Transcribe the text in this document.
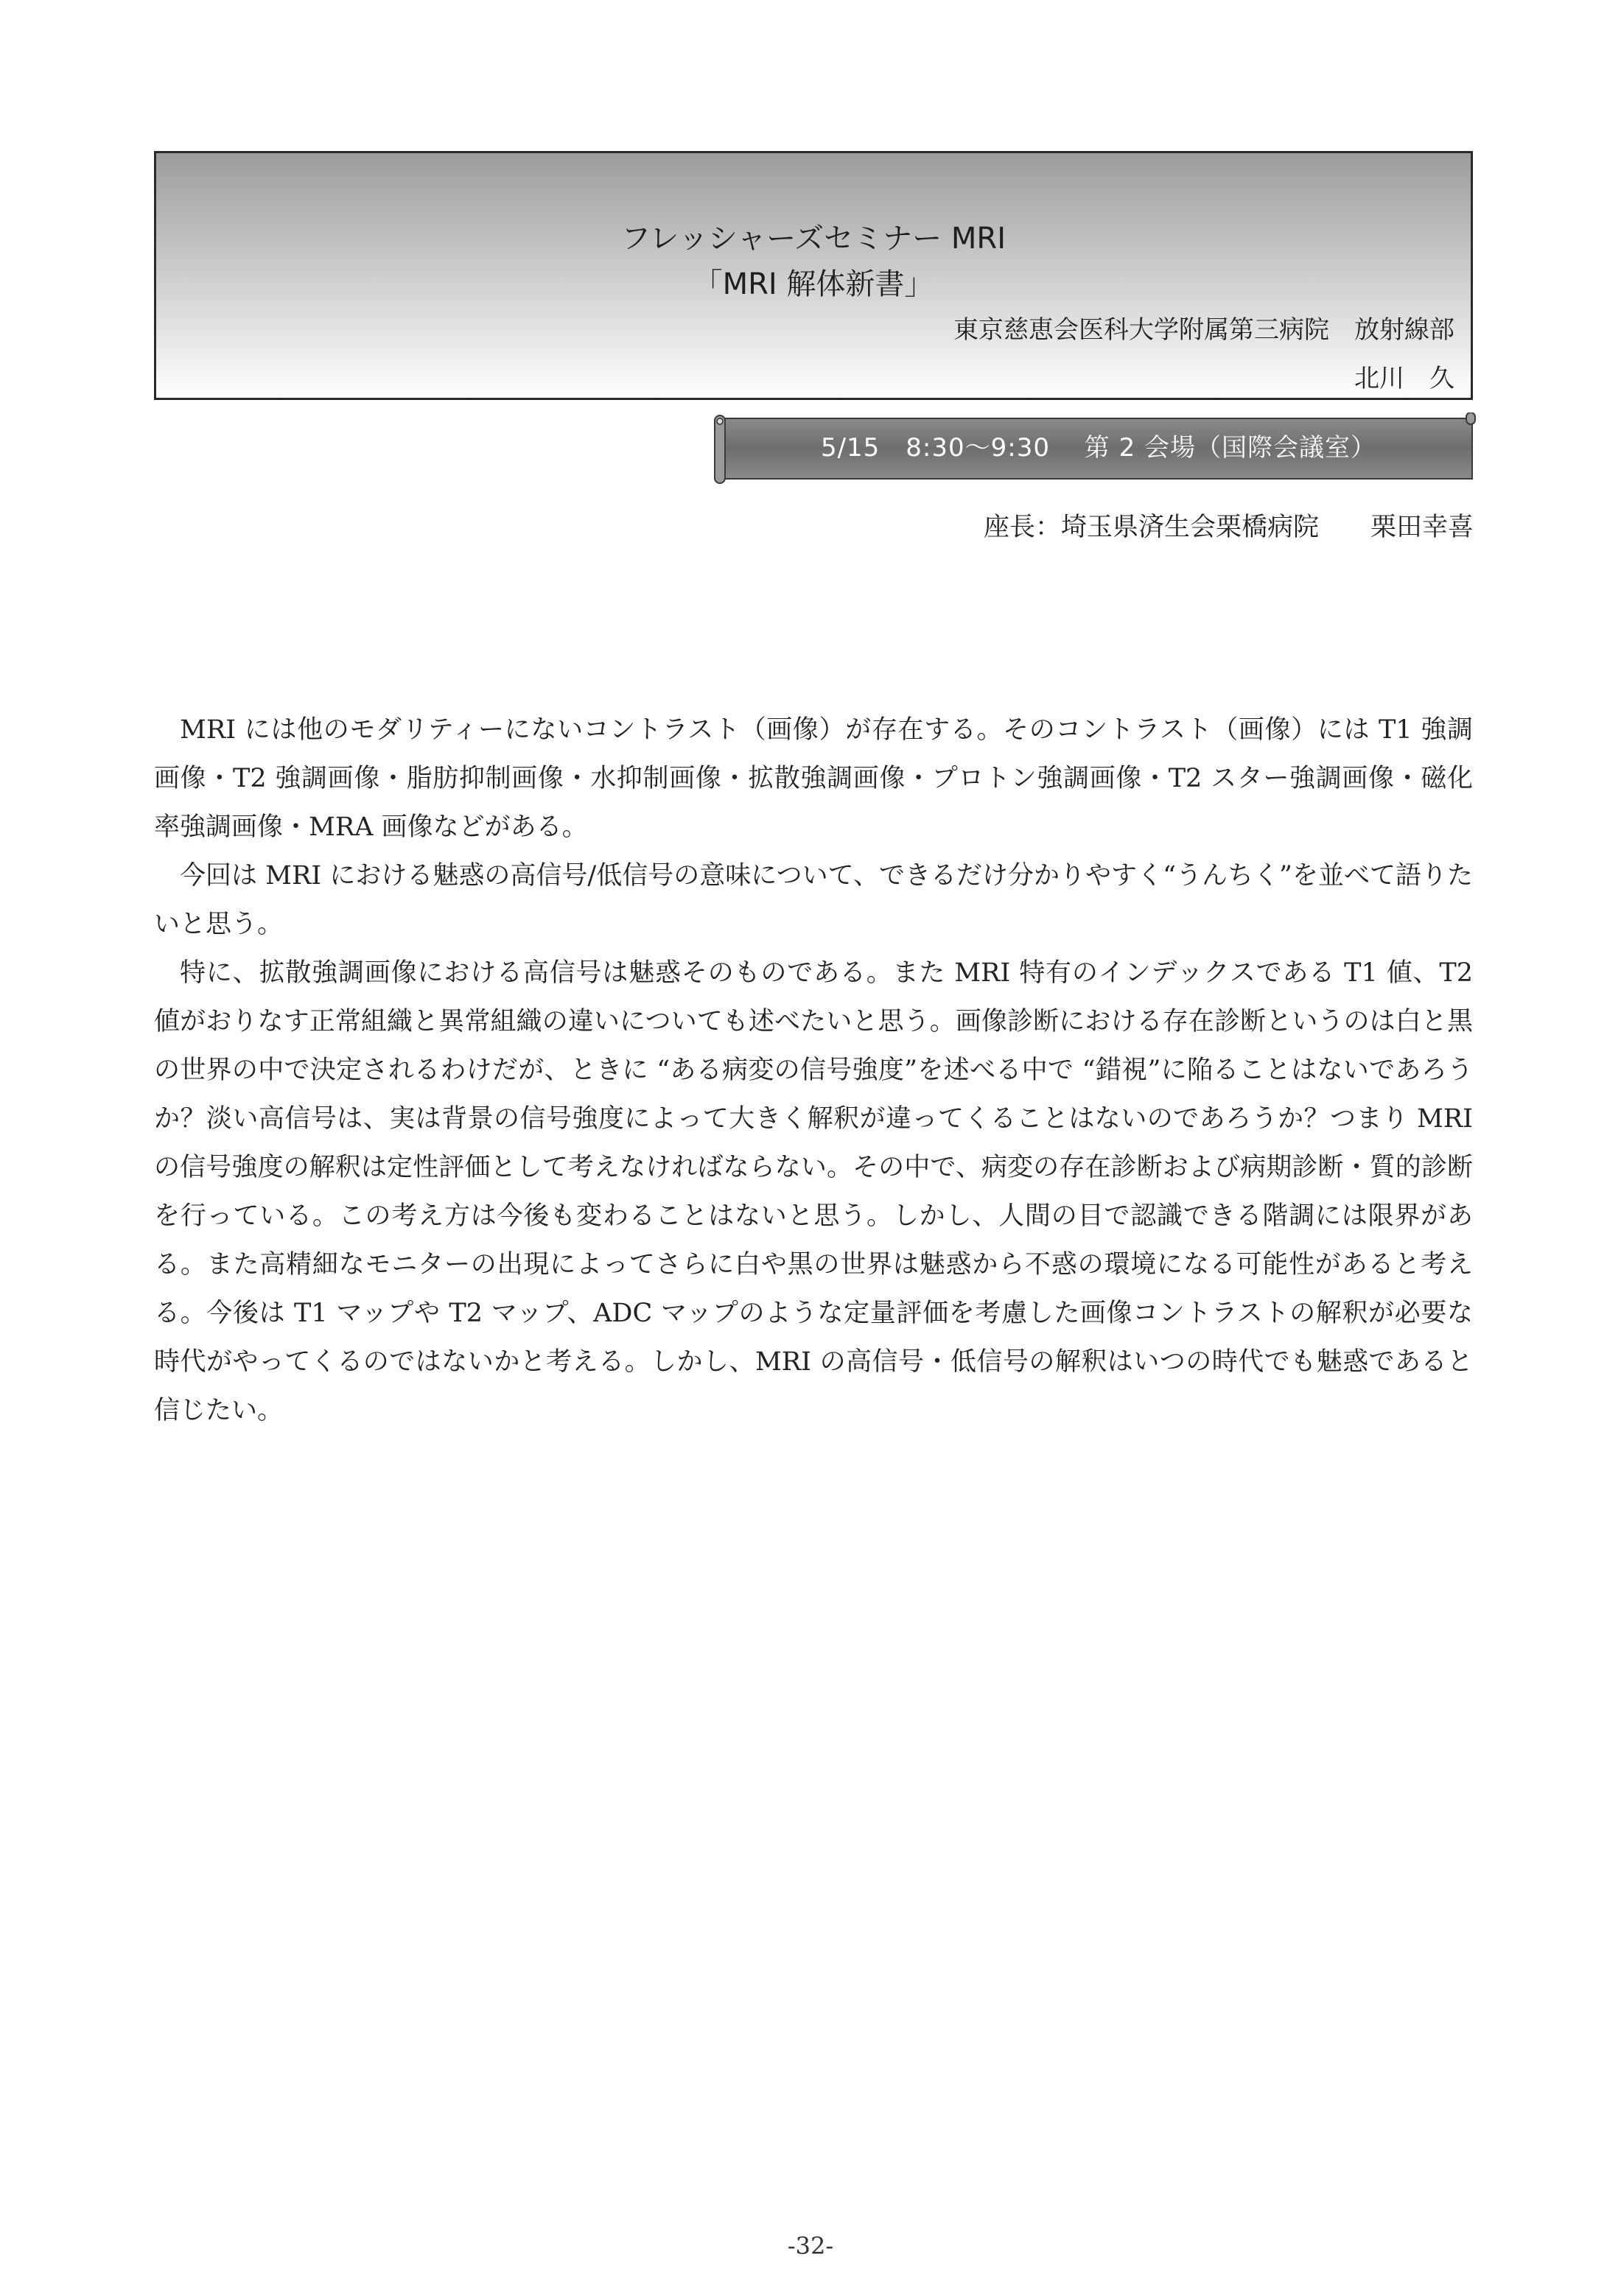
フレッシャーズセミナー MRI
「MRI 解体新書」
東京慈恵会医科大学附属第三病院　放射線部
北川　久
5/15　8:30〜9:30　 第 2 会場（国際会議室）
座長：埼玉県済生会栗橋病院　　栗田幸喜

MRI には他のモダリティーにないコントラスト（画像）が存在する。そのコントラスト（画像）には T1 強調画像・T2 強調画像・脂肪抑制画像・水抑制画像・拡散強調画像・プロトン強調画像・T2 スター強調画像・磁化率強調画像・MRA 画像などがある。

今回は MRI における魅惑の高信号/低信号の意味について、できるだけ分かりやすく“うんちく”を並べて語りたいと思う。

特に、拡散強調画像における高信号は魅惑そのものである。また MRI 特有のインデックスである T1 値、T2 値がおりなす正常組織と異常組織の違いについても述べたいと思う。画像診断における存在診断というのは白と黒の世界の中で決定されるわけだが、ときに “ある病変の信号強度”を述べる中で “錯視”に陥ることはないであろうか？淡い高信号は、実は背景の信号強度によって大きく解釈が違ってくることはないのであろうか？つまり MRI の信号強度の解釈は定性評価として考えなければならない。その中で、病変の存在診断および病期診断・質的診断を行っている。この考え方は今後も変わることはないと思う。しかし、人間の目で認識できる階調には限界がある。また高精細なモニターの出現によってさらに白や黒の世界は魅惑から不惑の環境になる可能性があると考える。今後は T1 マップや T2 マップ、ADC マップのような定量評価を考慮した画像コントラストの解釈が必要な時代がやってくるのではないかと考える。しかし、MRI の高信号・低信号の解釈はいつの時代でも魅惑であると信じたい。

-32-
